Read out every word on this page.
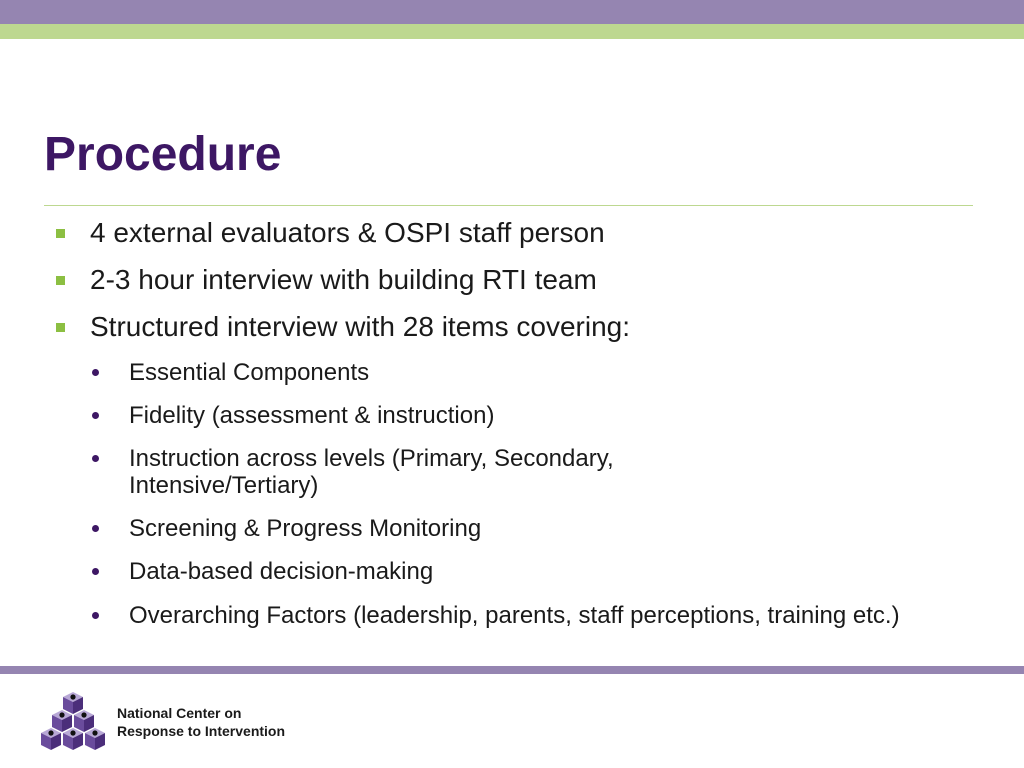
Procedure
4 external evaluators & OSPI staff person
2-3 hour interview with building RTI team
Structured interview with 28 items covering:
Essential Components
Fidelity (assessment & instruction)
Instruction across levels (Primary, Secondary, Intensive/Tertiary)
Screening & Progress Monitoring
Data-based decision-making
Overarching Factors (leadership, parents, staff perceptions, training etc.)
National Center on
Response to Intervention
